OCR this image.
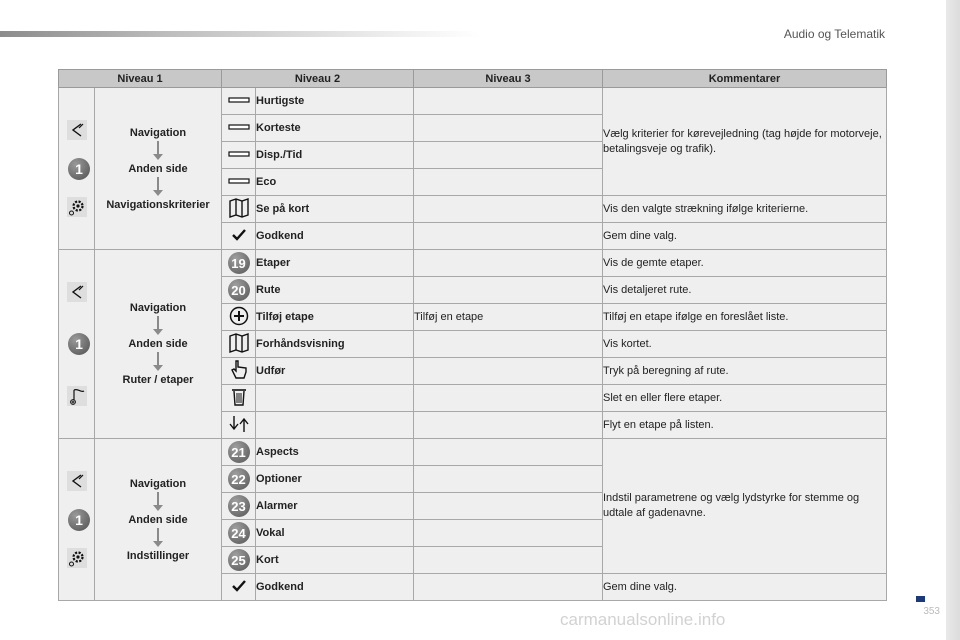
Audio og Telematik
353
carmanualsonline.info
Niveau 1		Niveau 2		Niveau 3	Kommentarer

1	Navigation
Anden side
Navigationskriterier		Hurtigste		Vælg kriterier for kørevejledning (tag højde for motorveje, betalingsveje og trafik).
	Korteste		
	Disp./Tid		
	Eco		
	Se på kort		Vis den valgte strækning ifølge kriterierne.
	Godkend		Gem dine valg.

1	Navigation
Anden side
Ruter / etaper	19	Etaper		Vis de gemte etaper.

20	Rute		Vis detaljeret rute.
	Tilføj etape	Tilføj en etape	Tilføj en etape ifølge en foreslået liste.
	Forhåndsvisning		Vis kortet.
	Udfør		Tryk på beregning af rute.
			Slet en eller flere etaper.
			Flyt en etape på listen.

1	Navigation
Anden side
Indstillinger	21	Aspects		Indstil parametrene og vælg lydstyrke for stemme og udtale af gadenavne.

22	Optioner		

23	Alarmer		

24	Vokal		

25	Kort		
	Godkend		Gem dine valg.
